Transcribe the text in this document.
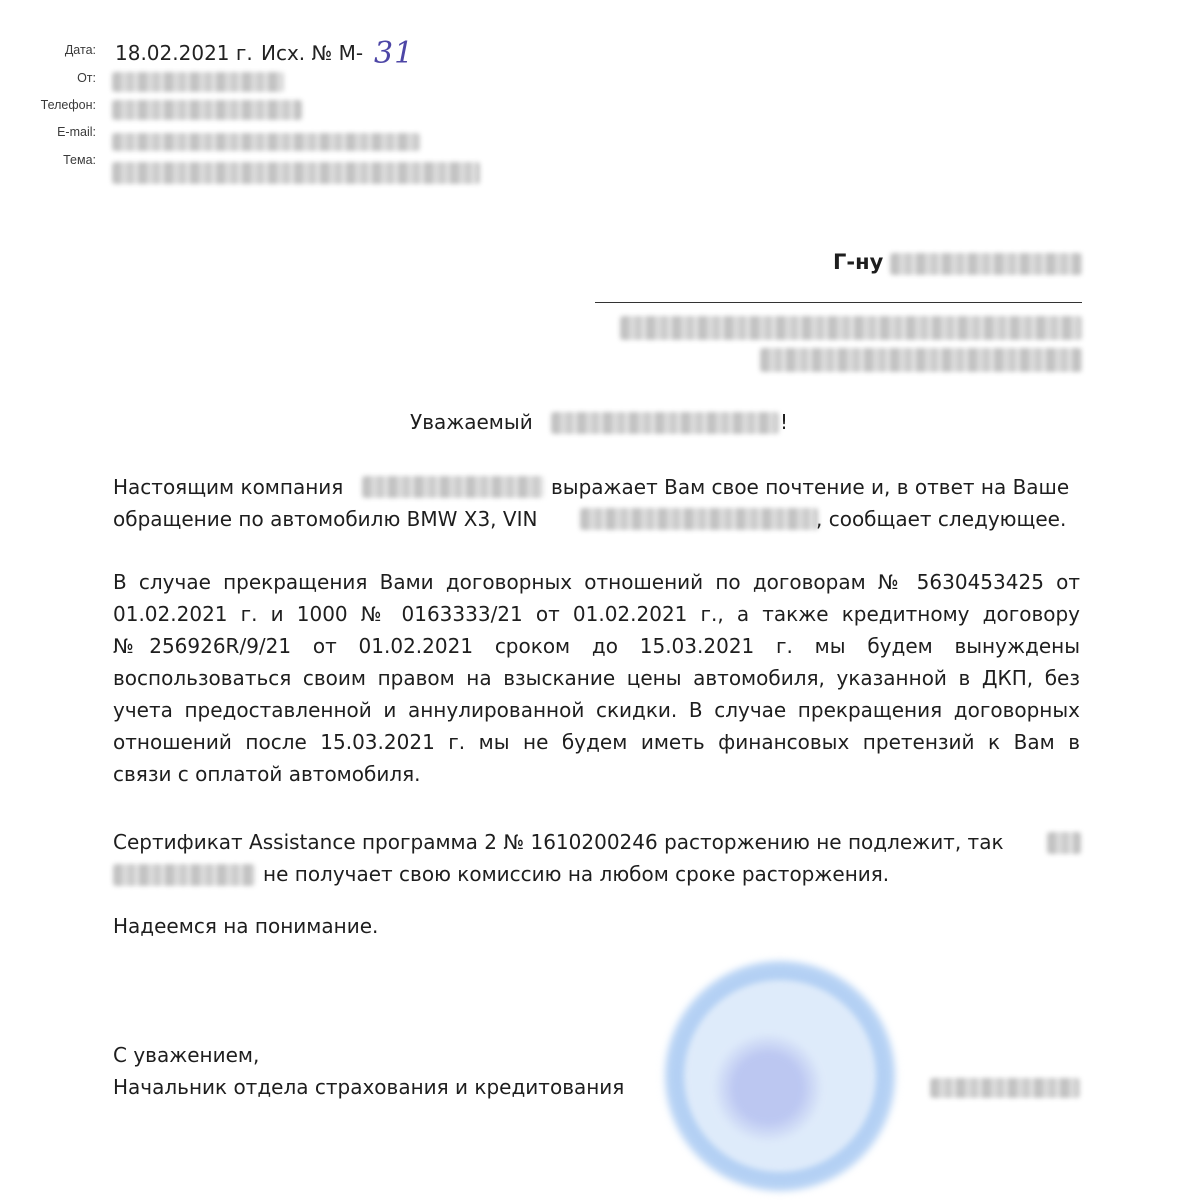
Дата: 18.02.2021 г. Исх. № М- 31
От:
Телефон:
E-mail:
Тема:
Г-ну
Уважаемый	!
Настоящим компания	выражает Вам свое почтение и, в ответ на Ваше
обращение по автомобилю BMW X3, VIN	, сообщает следующее.
В случае прекращения Вами договорных отношений по договорам № 5630453425 от
01.02.2021 г. и 1000 № 0163333/21 от 01.02.2021 г., а также кредитному договору
№256926R/9/21 от 01.02.2021 сроком до 15.03.2021 г. мы будем вынуждены
воспользоваться своим правом на взыскание цены автомобиля, указанной в ДКП, без
учета предоставленной и аннулированной скидки. В случае прекращения договорных
отношений после 15.03.2021 г. мы не будем иметь финансовых претензий к Вам в
связи с оплатой автомобиля.
Сертификат Assistance программа 2 № 1610200246 расторжению не подлежит, так
не получает свою комиссию на любом сроке расторжения.
Надеемся на понимание.
С уважением,
Начальник отдела страхования и кредитования
